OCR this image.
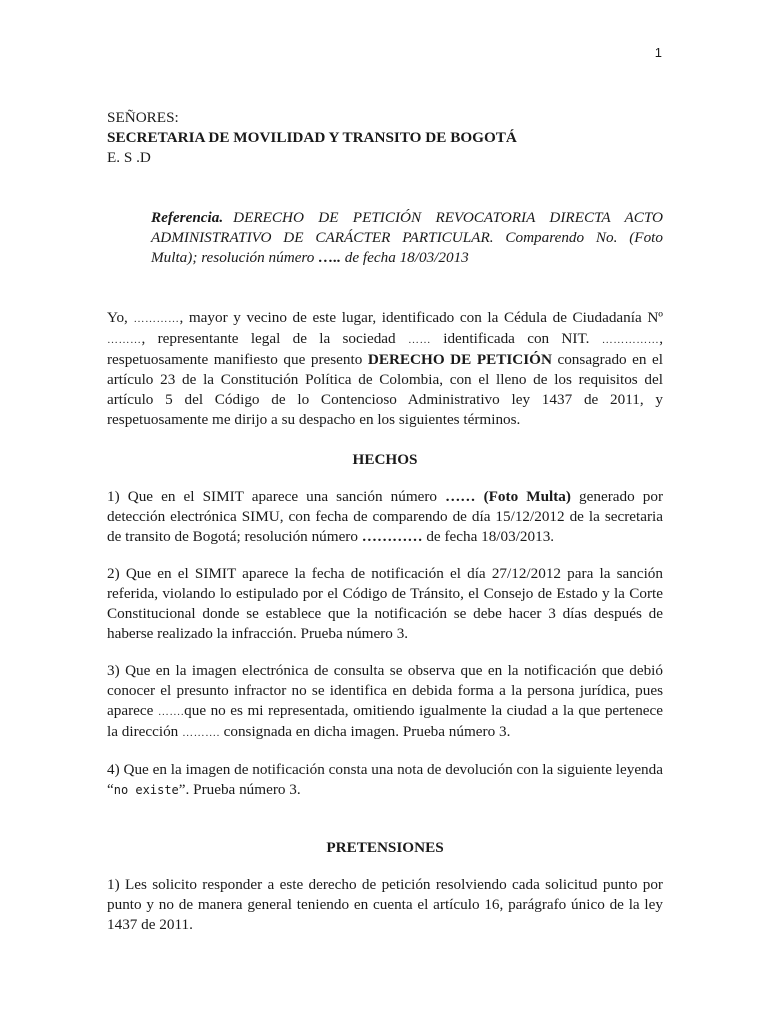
1

SEÑORES:

SECRETARIA DE MOVILIDAD Y TRANSITO DE BOGOTÁ

E. S .D

Referencia. DERECHO DE PETICIÓN REVOCATORIA DIRECTA ACTO ADMINISTRATIVO DE CARÁCTER PARTICULAR. Comparendo No. (Foto Multa); resolución número ….. de fecha 18/03/2013

Yo, …………, mayor y vecino de este lugar, identificado con la Cédula de Ciudadanía Nº ………, representante legal de la sociedad …… identificada con NIT. ……………, respetuosamente manifiesto que presento DERECHO DE PETICIÓN consagrado en el artículo 23 de la Constitución Política de Colombia, con el lleno de los requisitos del artículo 5 del Código de lo Contencioso Administrativo ley 1437 de 2011, y respetuosamente me dirijo a su despacho en los siguientes términos.

HECHOS

1) Que en el SIMIT aparece una sanción número …… (Foto Multa) generado por detección electrónica SIMU, con fecha de comparendo de día 15/12/2012 de la secretaria de transito de Bogotá; resolución número ………… de fecha 18/03/2013.

2) Que en el SIMIT aparece la fecha de notificación el día 27/12/2012 para la sanción referida, violando lo estipulado por el Código de Tránsito, el Consejo de Estado y la Corte Constitucional donde se establece que la notificación se debe hacer 3 días después de haberse realizado la infracción. Prueba número 3.

3) Que en la imagen electrónica de consulta se observa que en la notificación que debió conocer el presunto infractor no se identifica en debida forma a la persona jurídica, pues aparece …….que no es mi representada, omitiendo igualmente la ciudad a la que pertenece la dirección ………. consignada en dicha imagen. Prueba número 3.

4) Que en la imagen de notificación consta una nota de devolución con la siguiente leyenda “no existe”. Prueba número 3.

PRETENSIONES

1) Les solicito responder a este derecho de petición resolviendo cada solicitud punto por punto y no de manera general teniendo en cuenta el artículo 16, parágrafo único de la ley 1437 de 2011.
